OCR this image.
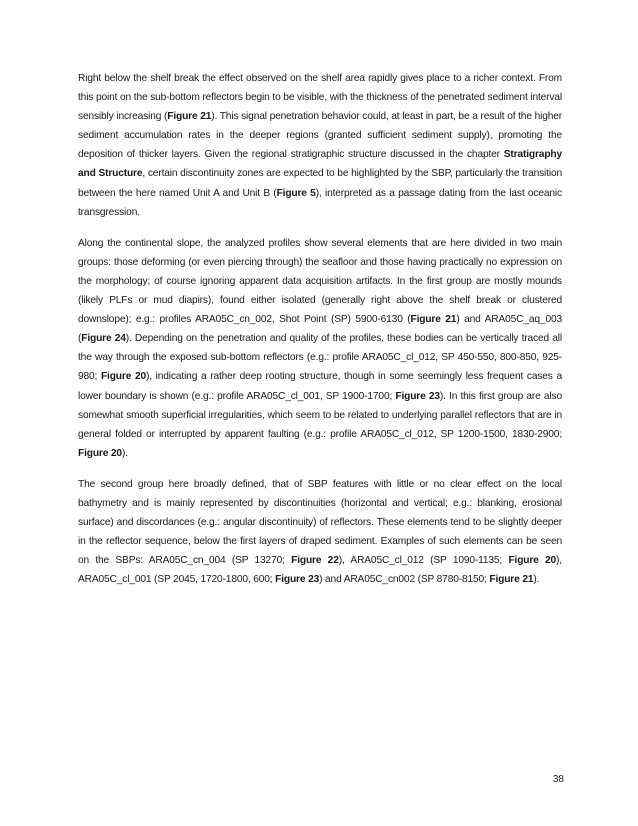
Right below the shelf break the effect observed on the shelf area rapidly gives place to a richer context. From this point on the sub-bottom reflectors begin to be visible, with the thickness of the penetrated sediment interval sensibly increasing (Figure 21). This signal penetration behavior could, at least in part, be a result of the higher sediment accumulation rates in the deeper regions (granted sufficient sediment supply), promoting the deposition of thicker layers. Given the regional stratigraphic structure discussed in the chapter Stratigraphy and Structure, certain discontinuity zones are expected to be highlighted by the SBP, particularly the transition between the here named Unit A and Unit B (Figure 5), interpreted as a passage dating from the last oceanic transgression.

Along the continental slope, the analyzed profiles show several elements that are here divided in two main groups: those deforming (or even piercing through) the seafloor and those having practically no expression on the morphology; of course ignoring apparent data acquisition artifacts. In the first group are mostly mounds (likely PLFs or mud diapirs), found either isolated (generally right above the shelf break or clustered downslope); e.g.: profiles ARA05C_cn_002, Shot Point (SP) 5900-6130 (Figure 21) and ARA05C_aq_003 (Figure 24). Depending on the penetration and quality of the profiles, these bodies can be vertically traced all the way through the exposed sub-bottom reflectors (e.g.: profile ARA05C_cl_012, SP 450-550, 800-850, 925-980; Figure 20), indicating a rather deep rooting structure, though in some seemingly less frequent cases a lower boundary is shown (e.g.: profile ARA05C_cl_001, SP 1900-1700; Figure 23). In this first group are also somewhat smooth superficial irregularities, which seem to be related to underlying parallel reflectors that are in general folded or interrupted by apparent faulting (e.g.: profile ARA05C_cl_012, SP 1200-1500, 1830-2900; Figure 20).

The second group here broadly defined, that of SBP features with little or no clear effect on the local bathymetry and is mainly represented by discontinuities (horizontal and vertical; e.g.: blanking, erosional surface) and discordances (e.g.: angular discontinuity) of reflectors. These elements tend to be slightly deeper in the reflector sequence, below the first layers of draped sediment. Examples of such elements can be seen on the SBPs: ARA05C_cn_004 (SP 13270; Figure 22), ARA05C_cl_012 (SP 1090-1135; Figure 20), ARA05C_cl_001 (SP 2045, 1720-1800, 600; Figure 23) and ARA05C_cn002 (SP 8780-8150; Figure 21).

38
